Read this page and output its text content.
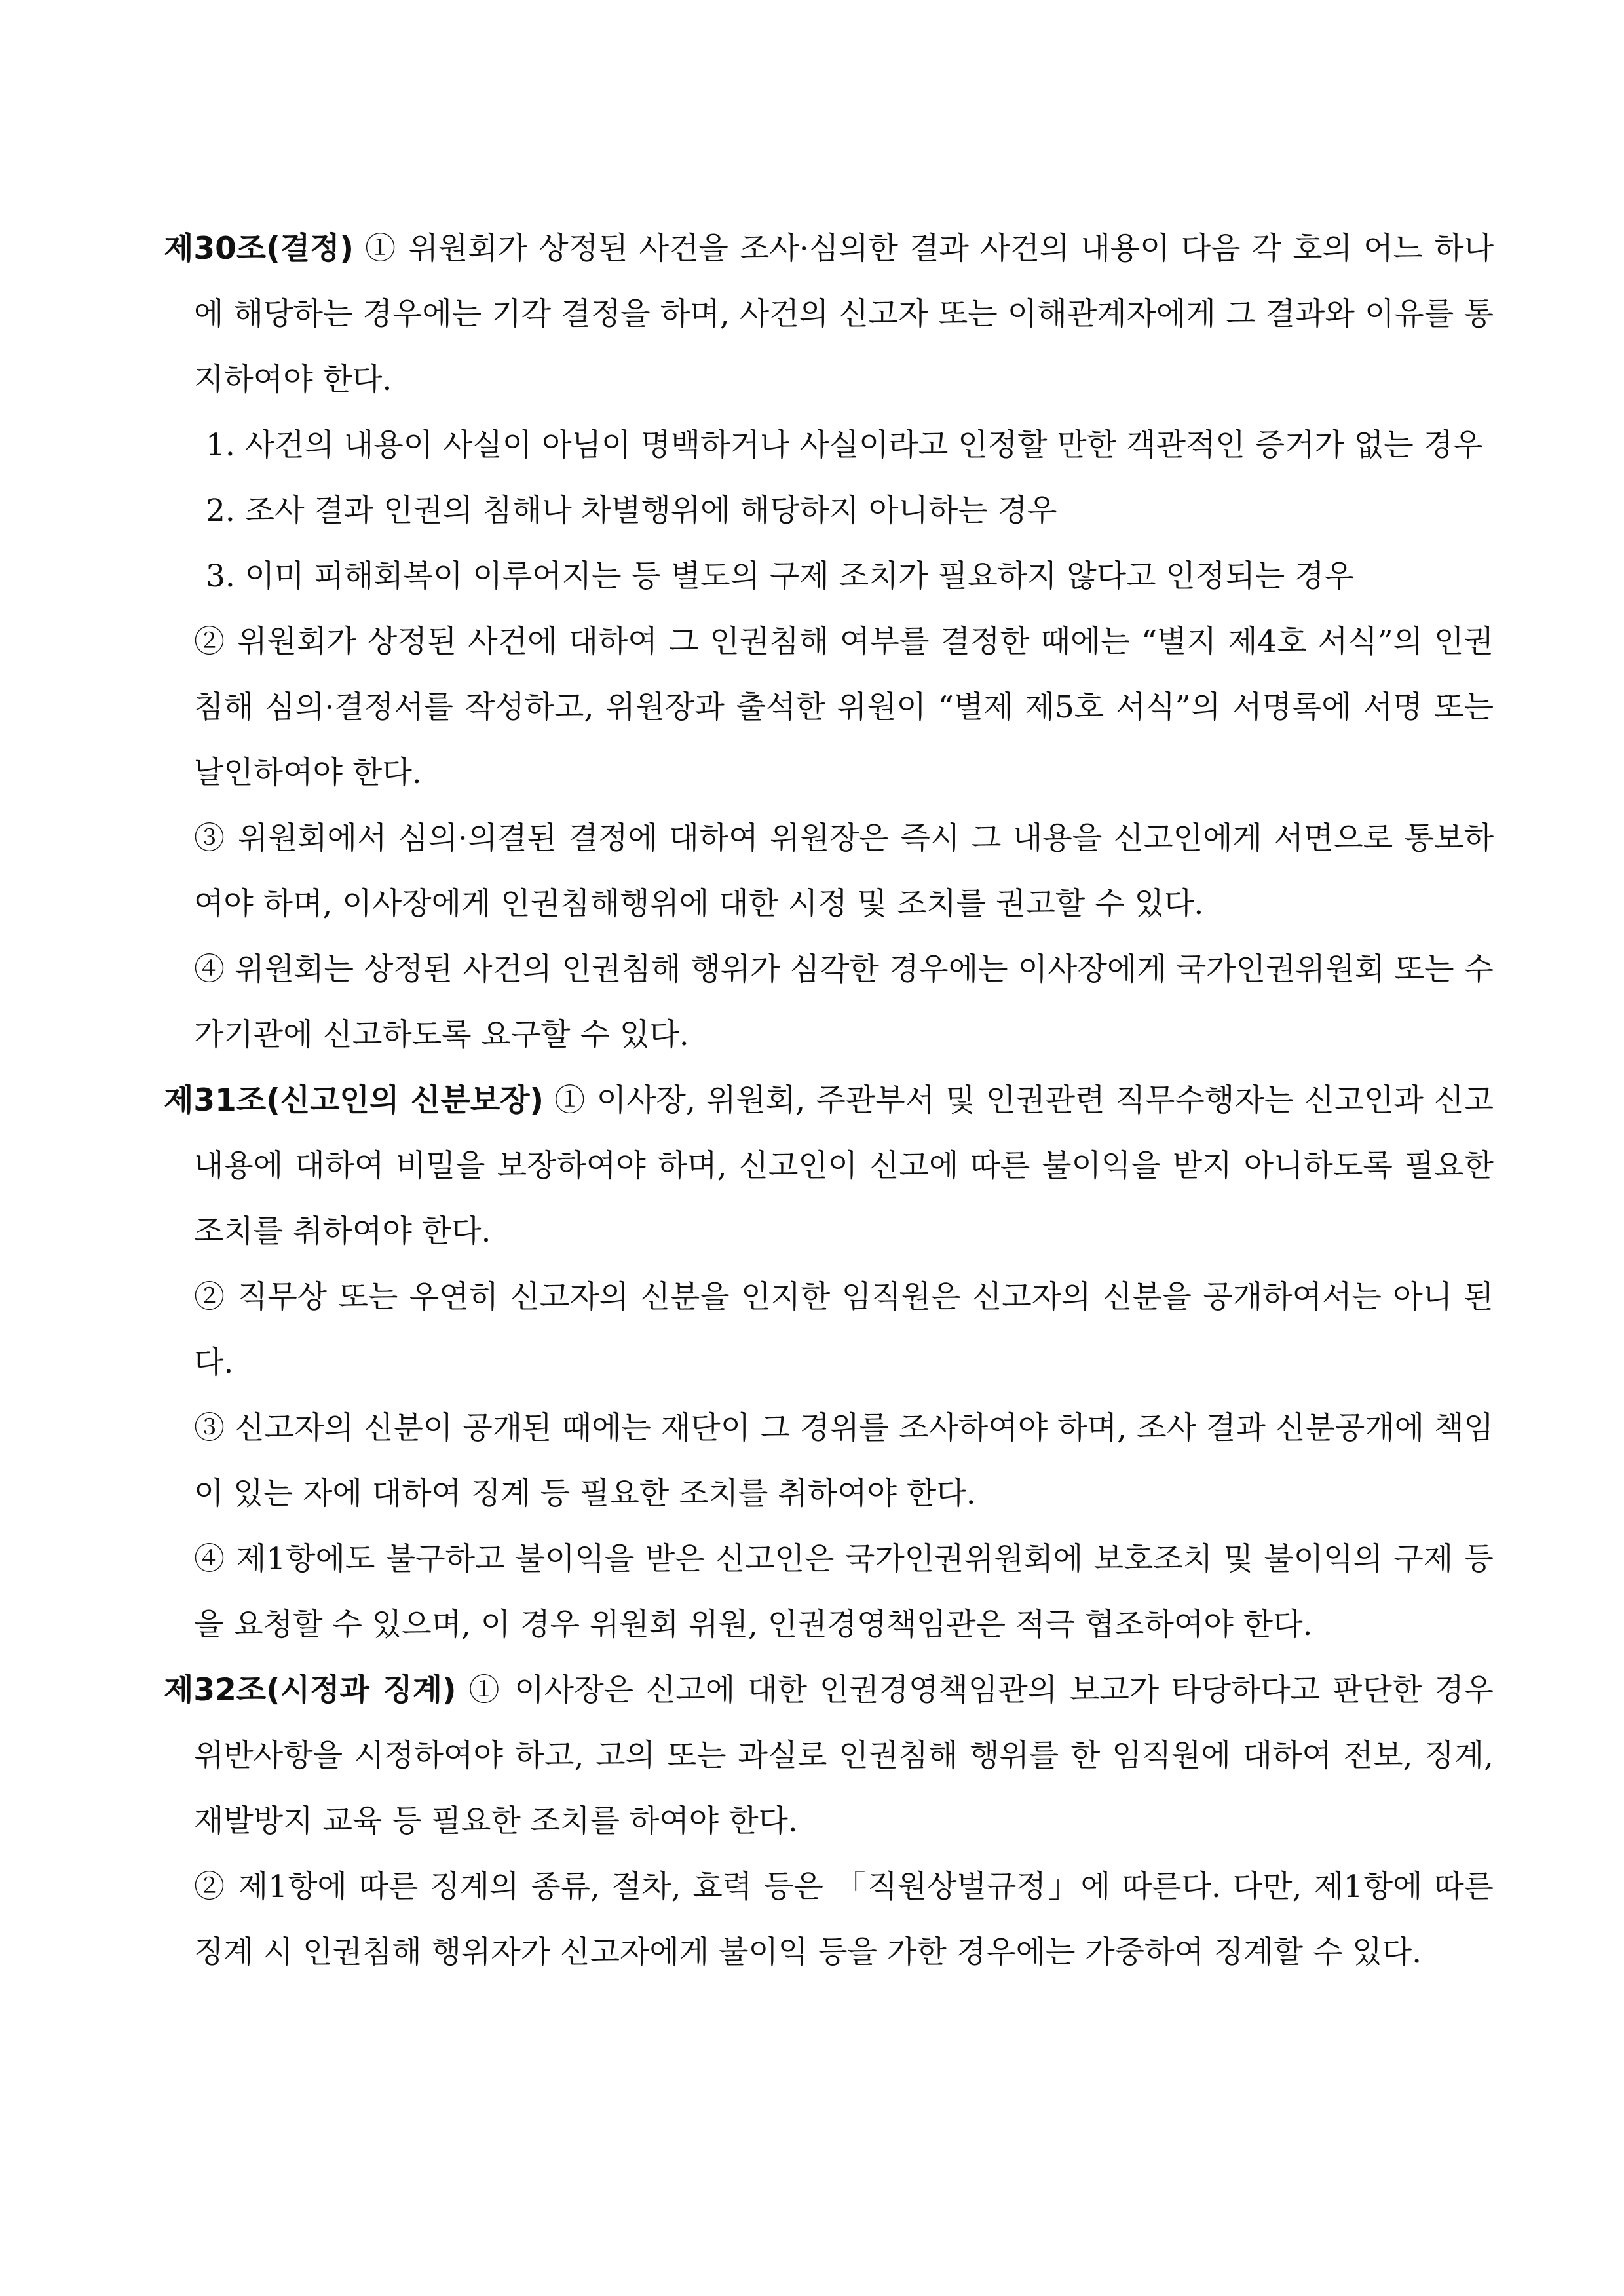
제30조(결정) ① 위원회가 상정된 사건을 조사·심의한 결과 사건의 내용이 다음 각 호의 어느 하나에 해당하는 경우에는 기각 결정을 하며, 사건의 신고자 또는 이해관계자에게 그 결과와 이유를 통지하여야 한다.

1. 사건의 내용이 사실이 아님이 명백하거나 사실이라고 인정할 만한 객관적인 증거가 없는 경우

2. 조사 결과 인권의 침해나 차별행위에 해당하지 아니하는 경우

3. 이미 피해회복이 이루어지는 등 별도의 구제 조치가 필요하지 않다고 인정되는 경우

② 위원회가 상정된 사건에 대하여 그 인권침해 여부를 결정한 때에는 “별지 제4호 서식”의 인권침해 심의·결정서를 작성하고, 위원장과 출석한 위원이 “별제 제5호 서식”의 서명록에 서명 또는 날인하여야 한다.

③ 위원회에서 심의·의결된 결정에 대하여 위원장은 즉시 그 내용을 신고인에게 서면으로 통보하여야 하며, 이사장에게 인권침해행위에 대한 시정 및 조치를 권고할 수 있다.

④ 위원회는 상정된 사건의 인권침해 행위가 심각한 경우에는 이사장에게 국가인권위원회 또는 수가기관에 신고하도록 요구할 수 있다.

제31조(신고인의 신분보장) ① 이사장, 위원회, 주관부서 및 인권관련 직무수행자는 신고인과 신고내용에 대하여 비밀을 보장하여야 하며, 신고인이 신고에 따른 불이익을 받지 아니하도록 필요한 조치를 취하여야 한다.

② 직무상 또는 우연히 신고자의 신분을 인지한 임직원은 신고자의 신분을 공개하여서는 아니 된다.

③ 신고자의 신분이 공개된 때에는 재단이 그 경위를 조사하여야 하며, 조사 결과 신분공개에 책임이 있는 자에 대하여 징계 등 필요한 조치를 취하여야 한다.

④ 제1항에도 불구하고 불이익을 받은 신고인은 국가인권위원회에 보호조치 및 불이익의 구제 등을 요청할 수 있으며, 이 경우 위원회 위원, 인권경영책임관은 적극 협조하여야 한다.

제32조(시정과 징계) ① 이사장은 신고에 대한 인권경영책임관의 보고가 타당하다고 판단한 경우 위반사항을 시정하여야 하고, 고의 또는 과실로 인권침해 행위를 한 임직원에 대하여 전보, 징계, 재발방지 교육 등 필요한 조치를 하여야 한다.

② 제1항에 따른 징계의 종류, 절차, 효력 등은 「직원상벌규정」에 따른다. 다만, 제1항에 따른 징계 시 인권침해 행위자가 신고자에게 불이익 등을 가한 경우에는 가중하여 징계할 수 있다.
